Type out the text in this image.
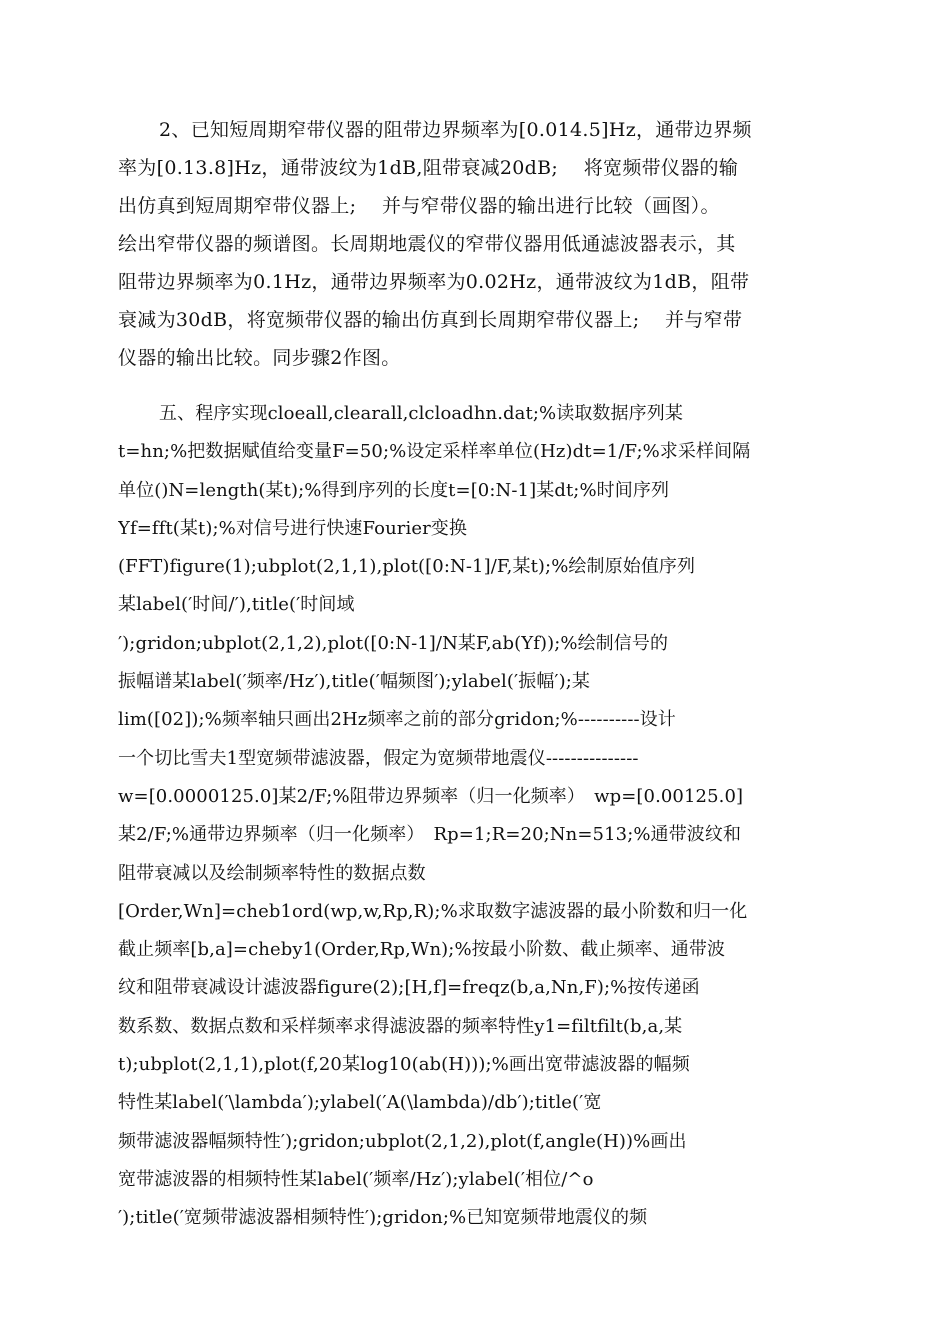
2、已知短周期窄带仪器的阻带边界频率为[0.014.5]Hz，通带边界频
率为[0.13.8]Hz，通带波纹为1dB,阻带衰减20dB;　 将宽频带仪器的输
出仿真到短周期窄带仪器上;　 并与窄带仪器的输出进行比较（画图）。
绘出窄带仪器的频谱图。长周期地震仪的窄带仪器用低通滤波器表示，其
阻带边界频率为0.1Hz，通带边界频率为0.02Hz，通带波纹为1dB，阻带
衰减为30dB，将宽频带仪器的输出仿真到长周期窄带仪器上;　 并与窄带
仪器的输出比较。同步骤2作图。
五、程序实现cloeall,clearall,clcloadhn.dat;%读取数据序列某
t=hn;%把数据赋值给变量F=50;%设定采样率单位(Hz)dt=1/F;%求采样间隔
单位()N=length(某t);%得到序列的长度t=[0:N-1]某dt;%时间序列
Yf=fft(某t);%对信号进行快速Fourier变换
(FFT)figure(1);ubplot(2,1,1),plot([0:N-1]/F,某t);%绘制原始值序列
某label(′时间/′),title(′时间域
′);gridon;ubplot(2,1,2),plot([0:N-1]/N某F,ab(Yf));%绘制信号的
振幅谱某label(′频率/Hz′),title(′幅频图′);ylabel(′振幅′);某
lim([02]);%频率轴只画出2Hz频率之前的部分gridon;%----------设计
一个切比雪夫1型宽频带滤波器，假定为宽频带地震仪---------------
w=[0.0000125.0]某2/F;%阻带边界频率（归一化频率）　wp=[0.00125.0]
某2/F;%通带边界频率（归一化频率）　Rp=1;R=20;Nn=513;%通带波纹和
阻带衰减以及绘制频率特性的数据点数
[Order,Wn]=cheb1ord(wp,w,Rp,R);%求取数字滤波器的最小阶数和归一化
截止频率[b,a]=cheby1(Order,Rp,Wn);%按最小阶数、截止频率、通带波
纹和阻带衰减设计滤波器figure(2);[H,f]=freqz(b,a,Nn,F);%按传递函
数系数、数据点数和采样频率求得滤波器的频率特性y1=filtfilt(b,a,某
t);ubplot(2,1,1),plot(f,20某log10(ab(H)));%画出宽带滤波器的幅频
特性某label(′\lambda′);ylabel(′A(\lambda)/db′);title(′宽
频带滤波器幅频特性′);gridon;ubplot(2,1,2),plot(f,angle(H))%画出
宽带滤波器的相频特性某label(′频率/Hz′);ylabel(′相位/^o
′);title(′宽频带滤波器相频特性′);gridon;%已知宽频带地震仪的频
